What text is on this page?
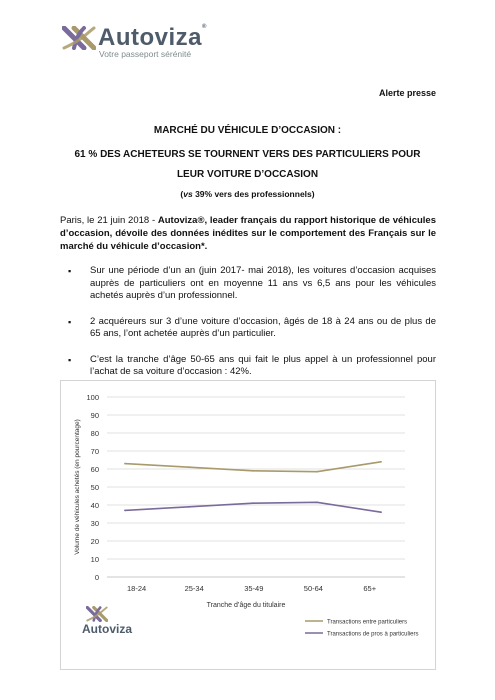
Autoviza®
Votre passeport sérénité
Alerte presse
MARCHÉ DU VÉHICULE D’OCCASION :
61 % DES ACHETEURS SE TOURNENT VERS DES PARTICULIERS POUR LEUR VOITURE D’OCCASION
(vs 39% vers des professionnels)
Paris, le 21 juin 2018 - Autoviza®, leader français du rapport historique de véhicules d’occasion, dévoile des données inédites sur le comportement des Français sur le marché du véhicule d’occasion*.
▪ Sur une période d’un an (juin 2017- mai 2018), les voitures d’occasion acquises auprès de particuliers ont en moyenne 11 ans vs 6,5 ans pour les véhicules achetés auprès d’un professionnel.
▪ 2 acquéreurs sur 3 d’une voiture d’occasion, âgés de 18 à 24 ans ou de plus de 65 ans, l’ont achetée auprès d’un particulier.
▪ C’est la tranche d’âge 50-65 ans qui fait le plus appel à un professionnel pour l’achat de sa voiture d’occasion : 42%.
0
10
20
30
40
50
60
70
80
90
100
18-24	25-34	35-49	50-64	65+
Tranche d’âge du titulaire
Volume de véhicules achetés (en pourcentage)
Transactions entre particuliers
Transactions de pros à particuliers
Autoviza
